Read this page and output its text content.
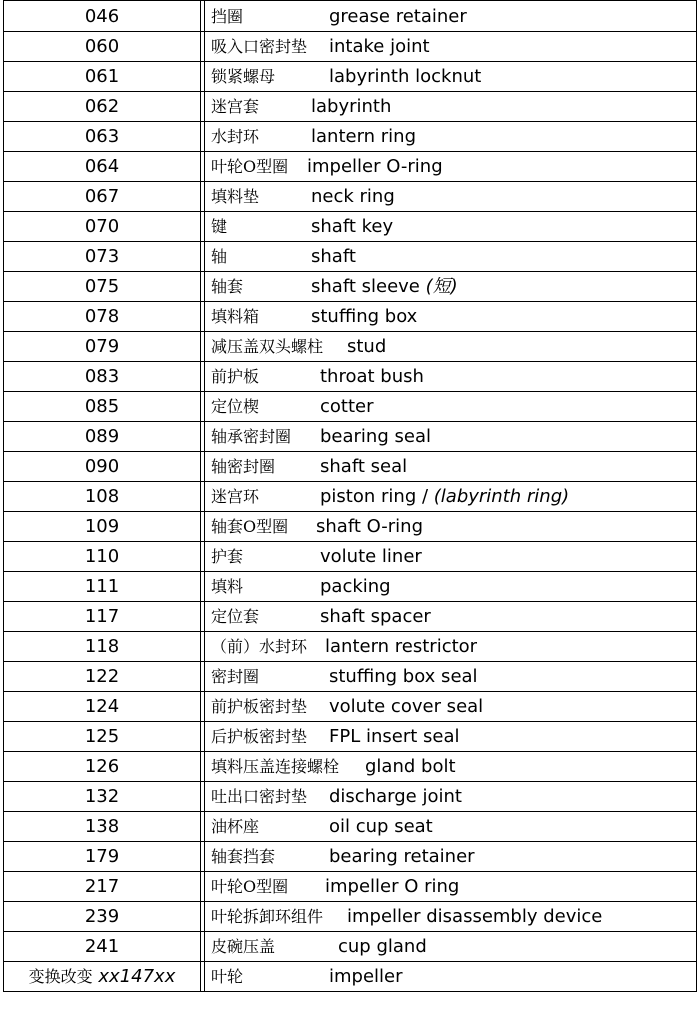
046		挡圈 grease retainer
060		吸入口密封垫 intake joint
061		锁紧螺母 labyrinth locknut
062		迷宫套 labyrinth
063		水封环 lantern ring
064		叶轮O型圈 impeller O-ring
067		填料垫 neck ring
070		键 shaft key
073		轴 shaft
075		轴套 shaft sleeve (短)
078		填料箱 stuffing box
079		减压盖双头螺柱 stud
083		前护板 throat bush
085		定位楔 cotter
089		轴承密封圈 bearing seal
090		轴密封圈 shaft seal
108		迷宫环 piston ring / (labyrinth ring)
109		轴套O型圈 shaft O-ring
110		护套 volute liner
111		填料 packing
117		定位套 shaft spacer
118		（前）水封环 lantern restrictor
122		密封圈 stuffing box seal
124		前护板密封垫 volute cover seal
125		后护板密封垫 FPL insert seal
126		填料压盖连接螺栓 gland bolt
132		吐出口密封垫 discharge joint
138		油杯座 oil cup seat
179		轴套挡套 bearing retainer
217		叶轮O型圈 impeller O ring
239		叶轮拆卸环组件 impeller disassembly device
241		皮碗压盖 cup gland
变换改变 xx147xx		叶轮 impeller
